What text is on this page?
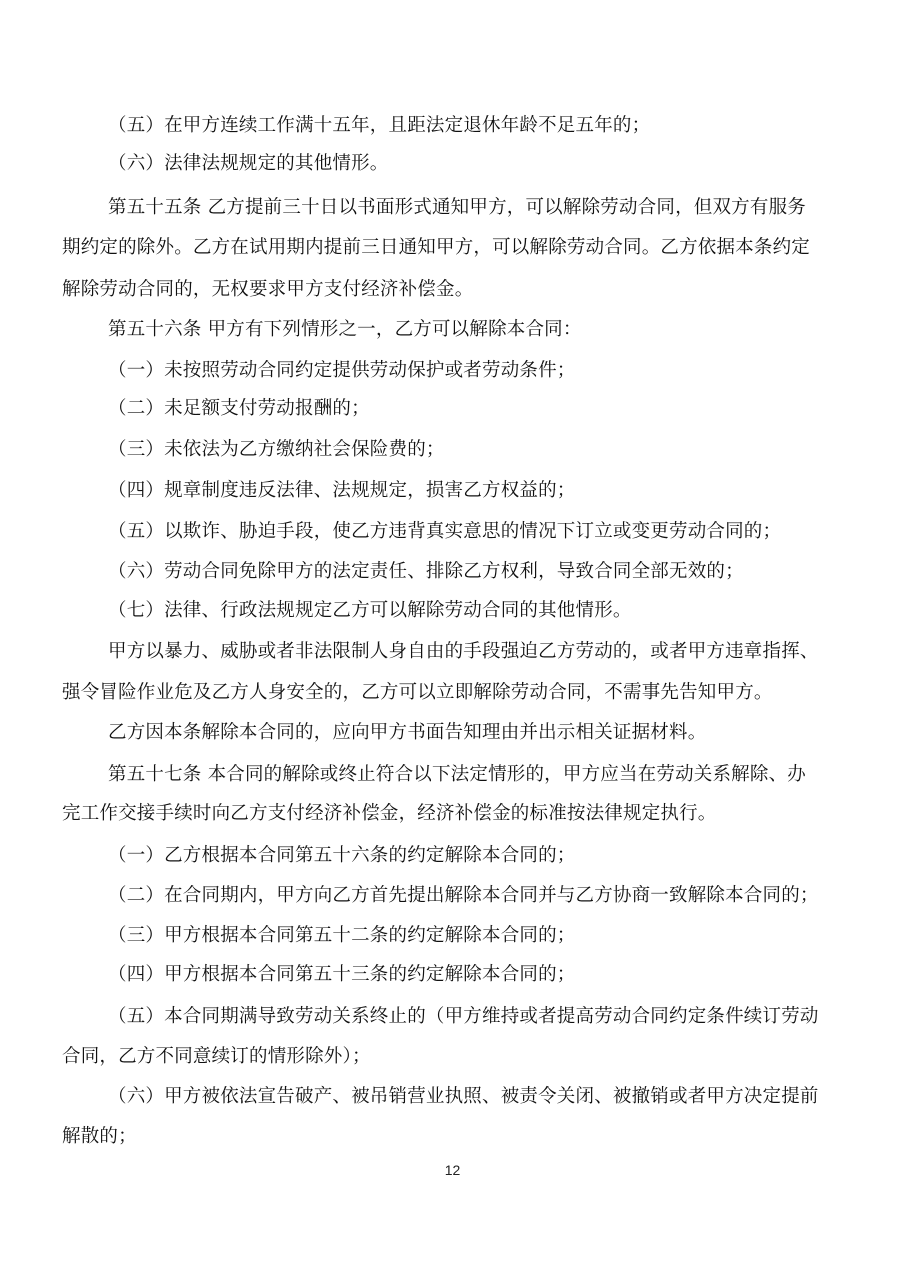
（五）在甲方连续工作满十五年，且距法定退休年龄不足五年的；
（六）法律法规规定的其他情形。
第五十五条 乙方提前三十日以书面形式通知甲方，可以解除劳动合同，但双方有服务
期约定的除外。乙方在试用期内提前三日通知甲方，可以解除劳动合同。乙方依据本条约定
解除劳动合同的，无权要求甲方支付经济补偿金。
第五十六条 甲方有下列情形之一，乙方可以解除本合同：
（一）未按照劳动合同约定提供劳动保护或者劳动条件；
（二）未足额支付劳动报酬的；
（三）未依法为乙方缴纳社会保险费的；
（四）规章制度违反法律、法规规定，损害乙方权益的；
（五）以欺诈、胁迫手段，使乙方违背真实意思的情况下订立或变更劳动合同的；
（六）劳动合同免除甲方的法定责任、排除乙方权利，导致合同全部无效的；
（七）法律、行政法规规定乙方可以解除劳动合同的其他情形。
甲方以暴力、威胁或者非法限制人身自由的手段强迫乙方劳动的，或者甲方违章指挥、
强令冒险作业危及乙方人身安全的，乙方可以立即解除劳动合同，不需事先告知甲方。
乙方因本条解除本合同的，应向甲方书面告知理由并出示相关证据材料。
第五十七条 本合同的解除或终止符合以下法定情形的，甲方应当在劳动关系解除、办
完工作交接手续时向乙方支付经济补偿金，经济补偿金的标准按法律规定执行。
（一）乙方根据本合同第五十六条的约定解除本合同的；
（二）在合同期内，甲方向乙方首先提出解除本合同并与乙方协商一致解除本合同的；
（三）甲方根据本合同第五十二条的约定解除本合同的；
（四）甲方根据本合同第五十三条的约定解除本合同的；
（五）本合同期满导致劳动关系终止的（甲方维持或者提高劳动合同约定条件续订劳动
合同，乙方不同意续订的情形除外）；
（六）甲方被依法宣告破产、被吊销营业执照、被责令关闭、被撤销或者甲方决定提前
解散的；
12
